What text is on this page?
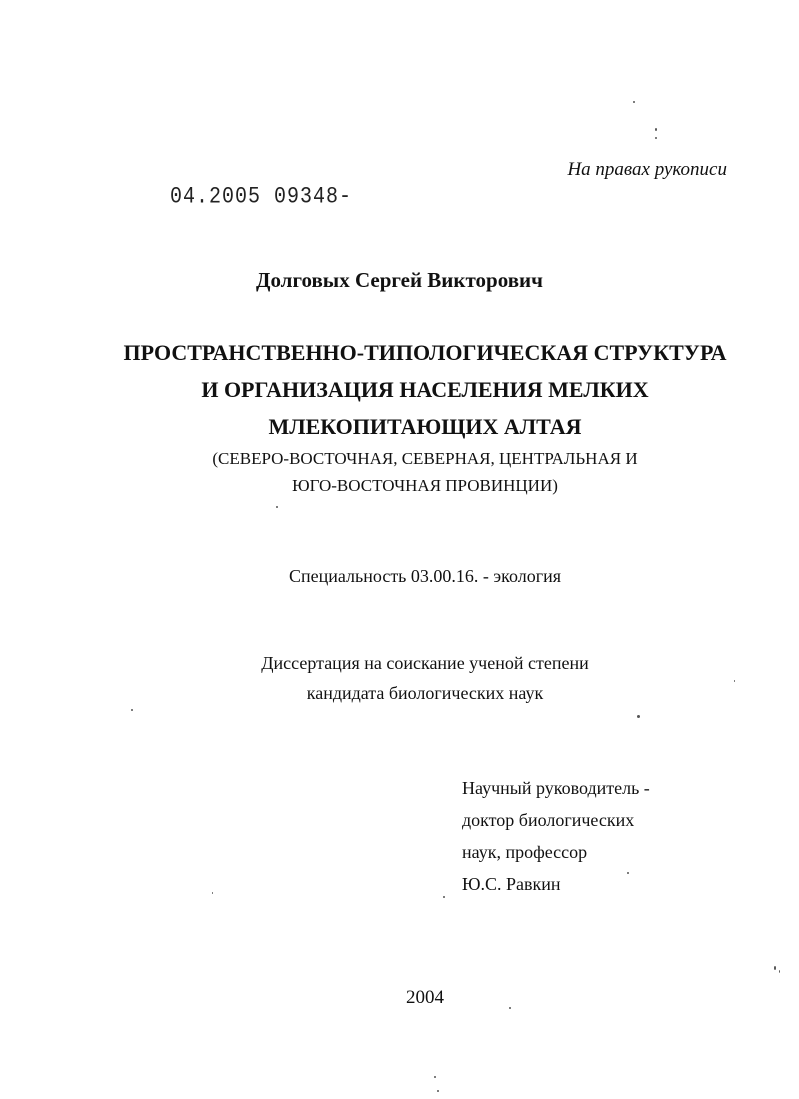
04.2005 09348-
На правах рукописи
Долговых Сергей Викторович
ПРОСТРАНСТВЕННО-ТИПОЛОГИЧЕСКАЯ СТРУКТУРА
И ОРГАНИЗАЦИЯ НАСЕЛЕНИЯ МЕЛКИХ
МЛЕКОПИТАЮЩИХ АЛТАЯ
(СЕВЕРО-ВОСТОЧНАЯ, СЕВЕРНАЯ, ЦЕНТРАЛЬНАЯ И
ЮГО-ВОСТОЧНАЯ ПРОВИНЦИИ)
Специальность 03.00.16. - экология
Диссертация на соискание ученой степени
кандидата биологических наук
Научный руководитель -
доктор биологических
наук, профессор
Ю.С. Равкин
2004
